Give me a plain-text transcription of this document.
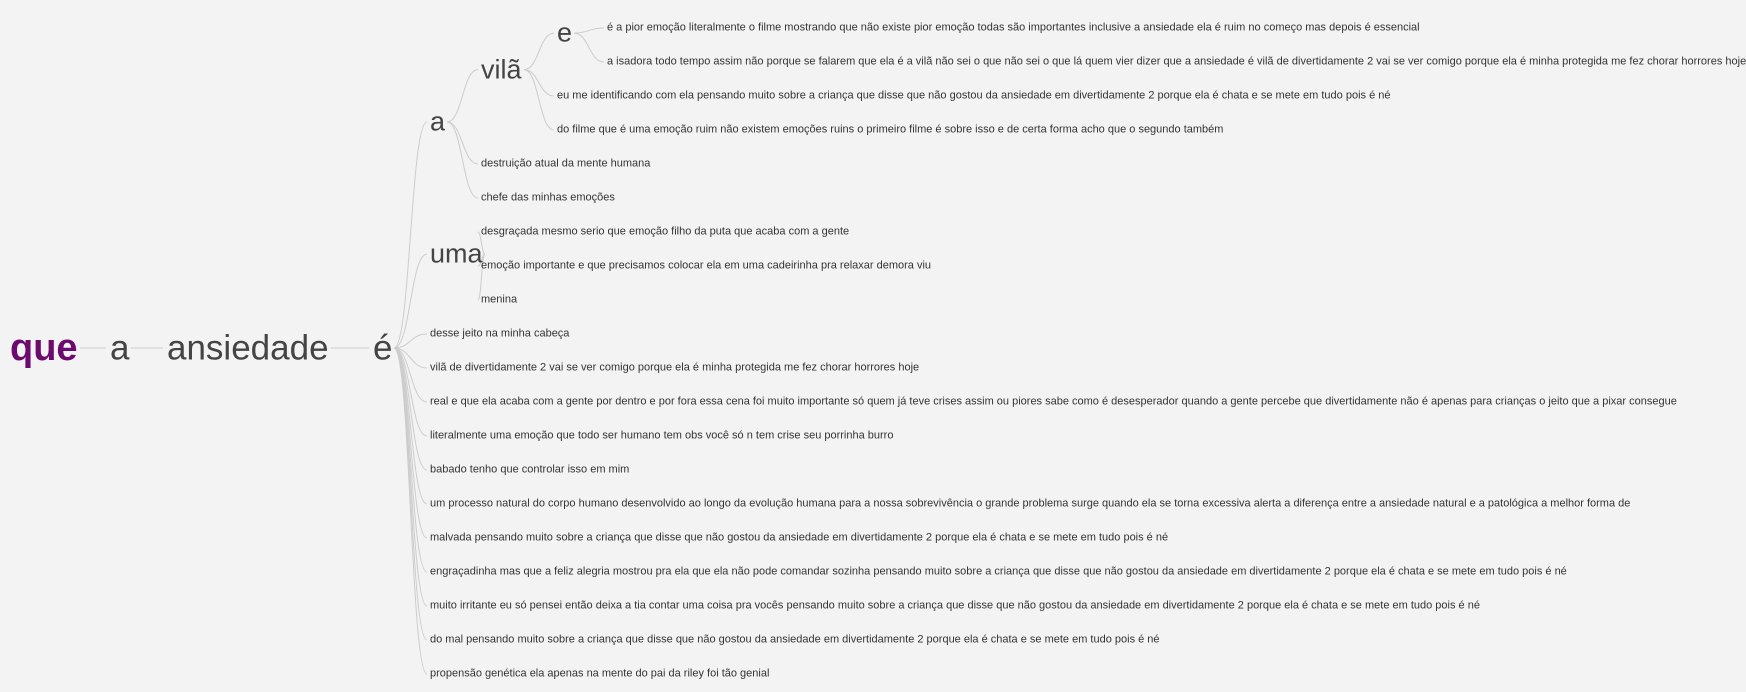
que a ansiedade é
a
vilã
e	é a pior emoção literalmente o filme mostrando que não existe pior emoção todas são importantes inclusive a ansiedade ela é ruim no começo mas depois é essencial
a isadora todo tempo assim não porque se falarem que ela é a vilã não sei o que não sei o que lá quem vier dizer que a ansiedade é vilã de divertidamente 2 vai se ver comigo porque ela é minha protegida me fez chorar horrores hoje
eu me identificando com ela pensando muito sobre a criança que disse que não gostou da ansiedade em divertidamente 2 porque ela é chata e se mete em tudo pois é né
do filme que é uma emoção ruim não existem emoções ruins o primeiro filme é sobre isso e de certa forma acho que o segundo também
destruição atual da mente humana
chefe das minhas emoções
uma
desgraçada mesmo serio que emoção filho da puta que acaba com a gente
emoção importante e que precisamos colocar ela em uma cadeirinha pra relaxar demora viu
menina
desse jeito na minha cabeça
vilã de divertidamente 2 vai se ver comigo porque ela é minha protegida me fez chorar horrores hoje
real e que ela acaba com a gente por dentro e por fora essa cena foi muito importante só quem já teve crises assim ou piores sabe como é desesperador quando a gente percebe que divertidamente não é apenas para crianças o jeito que a pixar consegue
literalmente uma emoção que todo ser humano tem obs você só n tem crise seu porrinha burro
babado tenho que controlar isso em mim
um processo natural do corpo humano desenvolvido ao longo da evolução humana para a nossa sobrevivência o grande problema surge quando ela se torna excessiva alerta a diferença entre a ansiedade natural e a patológica a melhor forma de
malvada pensando muito sobre a criança que disse que não gostou da ansiedade em divertidamente 2 porque ela é chata e se mete em tudo pois é né
engraçadinha mas que a feliz alegria mostrou pra ela que ela não pode comandar sozinha pensando muito sobre a criança que disse que não gostou da ansiedade em divertidamente 2 porque ela é chata e se mete em tudo pois é né
muito irritante eu só pensei então deixa a tia contar uma coisa pra vocês pensando muito sobre a criança que disse que não gostou da ansiedade em divertidamente 2 porque ela é chata e se mete em tudo pois é né
do mal pensando muito sobre a criança que disse que não gostou da ansiedade em divertidamente 2 porque ela é chata e se mete em tudo pois é né
propensão genética ela apenas na mente do pai da riley foi tão genial
